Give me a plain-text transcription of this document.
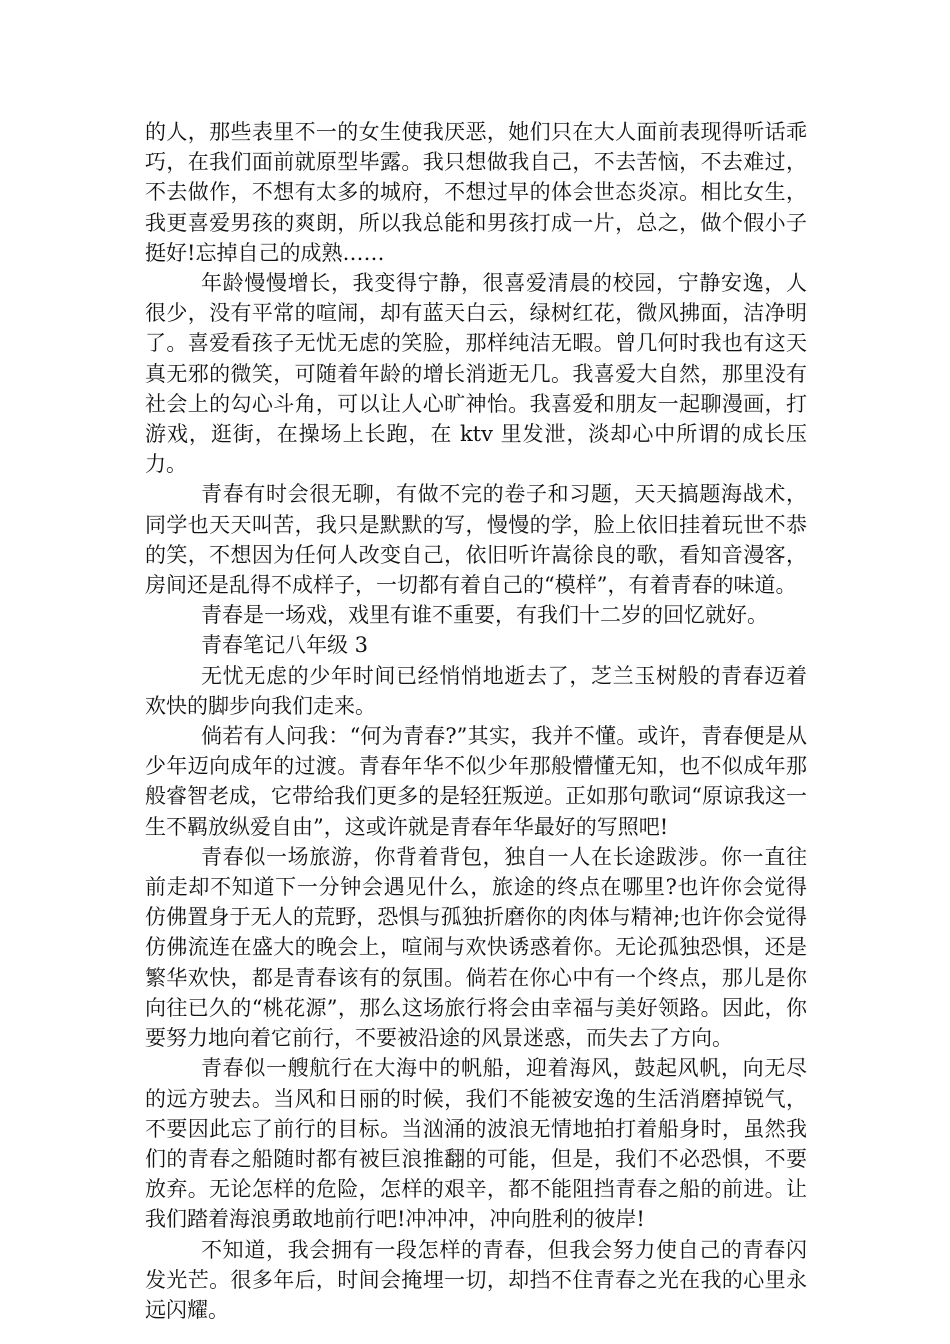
的人，那些表里不一的女生使我厌恶，她们只在大人面前表现得听话乖巧，在我们面前就原型毕露。我只想做我自己，不去苦恼，不去难过，不去做作，不想有太多的城府，不想过早的体会世态炎凉。相比女生，我更喜爱男孩的爽朗，所以我总能和男孩打成一片，总之，做个假小子挺好!忘掉自己的成熟……

年龄慢慢增长，我变得宁静，很喜爱清晨的校园，宁静安逸，人很少，没有平常的喧闹，却有蓝天白云，绿树红花，微风拂面，洁净明了。喜爱看孩子无忧无虑的笑脸，那样纯洁无暇。曾几何时我也有这天真无邪的微笑，可随着年龄的增长消逝无几。我喜爱大自然，那里没有社会上的勾心斗角，可以让人心旷神怡。我喜爱和朋友一起聊漫画，打游戏，逛街，在操场上长跑，在 ktv 里发泄，淡却心中所谓的成长压力。

青春有时会很无聊，有做不完的卷子和习题，天天搞题海战术，同学也天天叫苦，我只是默默的写，慢慢的学，脸上依旧挂着玩世不恭的笑，不想因为任何人改变自己，依旧听许嵩徐良的歌，看知音漫客，房间还是乱得不成样子，一切都有着自己的“模样”，有着青春的味道。

青春是一场戏，戏里有谁不重要，有我们十二岁的回忆就好。

青春笔记八年级 3

无忧无虑的少年时间已经悄悄地逝去了，芝兰玉树般的青春迈着欢快的脚步向我们走来。

倘若有人问我：“何为青春?”其实，我并不懂。或许，青春便是从少年迈向成年的过渡。青春年华不似少年那般懵懂无知，也不似成年那般睿智老成，它带给我们更多的是轻狂叛逆。正如那句歌词“原谅我这一生不羁放纵爱自由”，这或许就是青春年华最好的写照吧!

青春似一场旅游，你背着背包，独自一人在长途跋涉。你一直往前走却不知道下一分钟会遇见什么，旅途的终点在哪里?也许你会觉得仿佛置身于无人的荒野，恐惧与孤独折磨你的肉体与精神;也许你会觉得仿佛流连在盛大的晚会上，喧闹与欢快诱惑着你。无论孤独恐惧，还是繁华欢快，都是青春该有的氛围。倘若在你心中有一个终点，那儿是你向往已久的“桃花源”，那么这场旅行将会由幸福与美好领路。因此，你要努力地向着它前行，不要被沿途的风景迷惑，而失去了方向。

青春似一艘航行在大海中的帆船，迎着海风，鼓起风帆，向无尽的远方驶去。当风和日丽的时候，我们不能被安逸的生活消磨掉锐气，不要因此忘了前行的目标。当汹涌的波浪无情地拍打着船身时，虽然我们的青春之船随时都有被巨浪推翻的可能，但是，我们不必恐惧，不要放弃。无论怎样的危险，怎样的艰辛，都不能阻挡青春之船的前进。让我们踏着海浪勇敢地前行吧!冲冲冲，冲向胜利的彼岸!

不知道，我会拥有一段怎样的青春，但我会努力使自己的青春闪发光芒。很多年后，时间会掩埋一切，却挡不住青春之光在我的心里永远闪耀。
